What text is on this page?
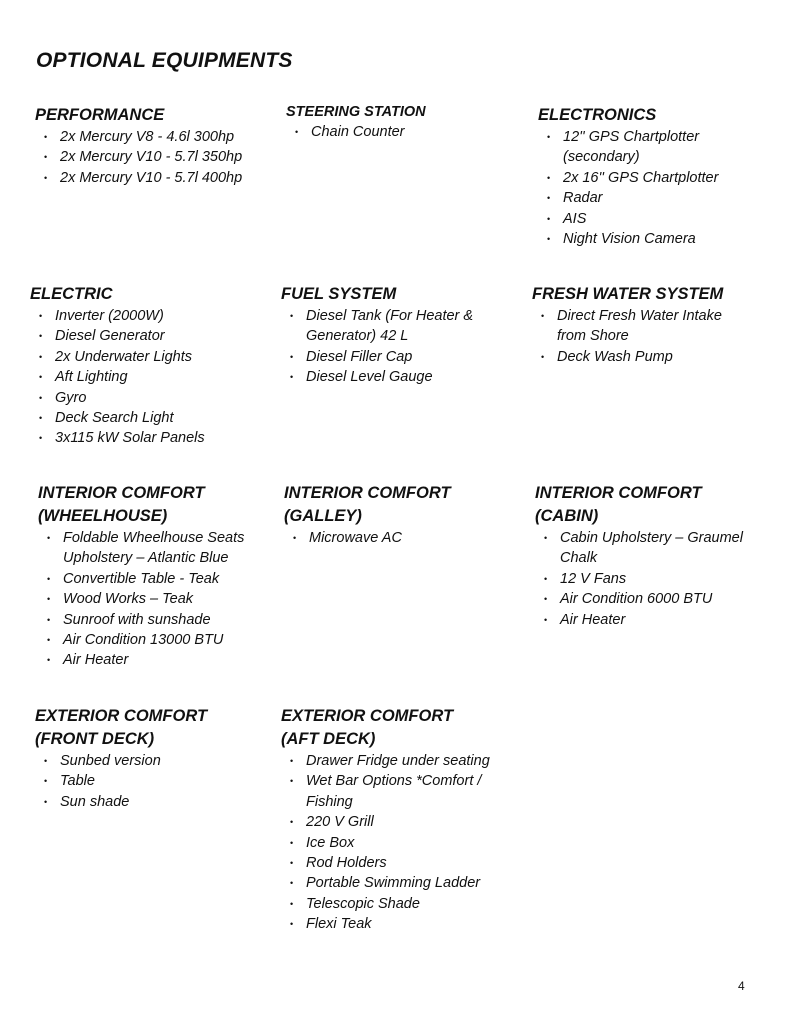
OPTIONAL EQUIPMENTS
PERFORMANCE
• 2x Mercury V8 - 4.6l 300hp
• 2x Mercury V10 - 5.7l 350hp
• 2x Mercury V10 - 5.7l 400hp
STEERING STATION
• Chain Counter
ELECTRONICS
• 12'' GPS Chartplotter (secondary)
• 2x 16'' GPS Chartplotter
• Radar
• AIS
• Night Vision Camera
ELECTRIC
• Inverter (2000W)
• Diesel Generator
• 2x Underwater Lights
• Aft Lighting
• Gyro
• Deck Search Light
• 3x115 kW Solar Panels
FUEL SYSTEM
• Diesel Tank (For Heater & Generator) 42 L
• Diesel Filler Cap
• Diesel Level Gauge
FRESH WATER SYSTEM
• Direct Fresh Water Intake from Shore
• Deck Wash Pump
INTERIOR COMFORT
(WHEELHOUSE)
• Foldable Wheelhouse Seats Upholstery – Atlantic Blue
• Convertible Table - Teak
• Wood Works – Teak
• Sunroof with sunshade
• Air Condition 13000 BTU
• Air Heater
INTERIOR COMFORT
(GALLEY)
• Microwave AC
INTERIOR COMFORT
(CABIN)
• Cabin Upholstery – Graumel Chalk
• 12 V Fans
• Air Condition 6000 BTU
• Air Heater
EXTERIOR COMFORT
(FRONT DECK)
• Sunbed version
• Table
• Sun shade
EXTERIOR COMFORT
(AFT DECK)
• Drawer Fridge under seating
• Wet Bar Options *Comfort / Fishing
• 220 V Grill
• Ice Box
• Rod Holders
• Portable Swimming Ladder
• Telescopic Shade
• Flexi Teak
4
